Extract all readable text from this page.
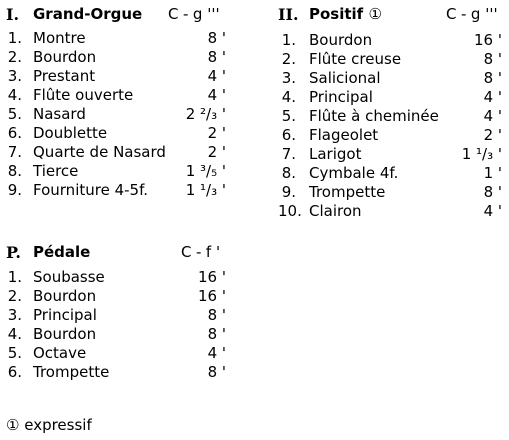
I. Grand-Orgue C - g '''
1. Montre	8 '
2. Bourdon	8 '
3. Prestant	4 '
4. Flûte ouverte	4 '
5. Nasard	2 ²/₃ '
6. Doublette	2 '
7. Quarte de Nasard	2 '
8. Tierce	1 ³/₅ '
9. Fourniture 4-5f.	1 ¹/₃ '
II. Positif ①	C - g '''
1. Bourdon	16 '
2. Flûte creuse	8 '
3. Salicional	8 '
4. Principal	4 '
5. Flûte à cheminée	4 '
6. Flageolet	2 '
7. Larigot	1 ¹/₃ '
8. Cymbale 4f.	1 '
9. Trompette	8 '
10. Clairon	4 '
P. Pédale	C - f '
1. Soubasse	16 '
2. Bourdon	16 '
3. Principal	8 '
4. Bourdon	8 '
5. Octave	4 '
6. Trompette	8 '
① expressif
